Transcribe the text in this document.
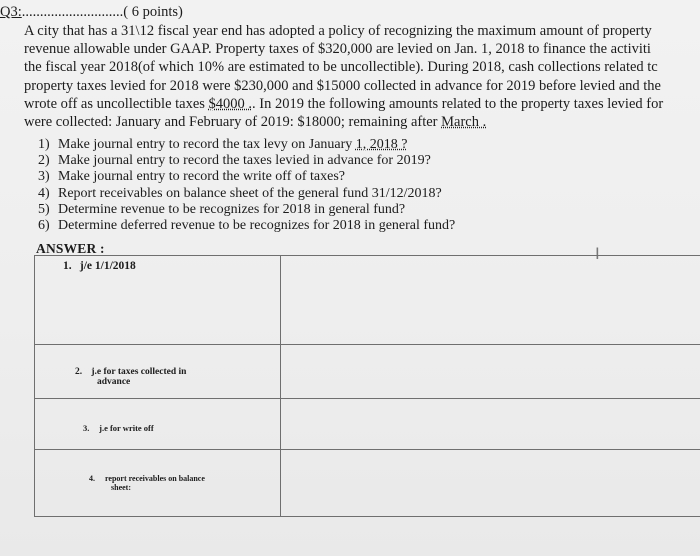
Q3:............................( 6 points)
A city that has a 31\12 fiscal year end has adopted a policy of recognizing the maximum amount of property
revenue allowable under GAAP. Property taxes of $320,000 are levied on Jan. 1, 2018 to finance the activiti
the fiscal year 2018(of which 10% are estimated to be uncollectible). During 2018, cash collections related tc
property taxes levied for 2018 were $230,000 and $15000 collected in advance for 2019 before levied and the
wrote off as uncollectible taxes $4000 .. In 2019 the following amounts related to the property taxes levied for
were collected: January and February of 2019: $18000; remaining after March .
1) Make journal entry to record the tax levy on January 1, 2018 ?
2) Make journal entry to record the taxes levied in advance for 2019?
3) Make journal entry to record the write off of taxes?
4) Report receivables on balance sheet of the general fund 31/12/2018?
5) Determine revenue to be recognizes for 2018 in general fund?
6) Determine deferred revenue to be recognizes for 2018 in general fund?
ANSWER :	I
1. j/e 1/1/2018	

2. j.e for taxes collected in
advance	

3. j.e for write off	

4. report receivables on balance
sheet:	
